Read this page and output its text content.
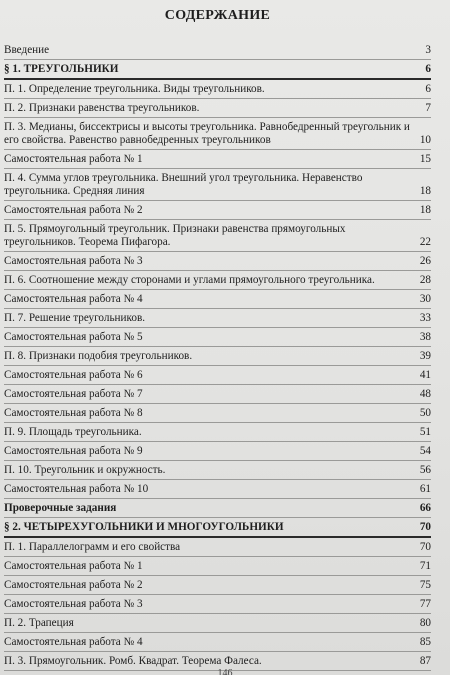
СОДЕРЖАНИЕ
Введение	3
§ 1. ТРЕУГОЛЬНИКИ	6
П. 1. Определение треугольника. Виды треугольников.	6
П. 2. Признаки равенства треугольников.	7
П. 3. Медианы, биссектрисы и высоты треугольника. Равнобедренный треугольник и его свойства. Равенство равнобедренных треугольников	10
Самостоятельная работа № 1	15
П. 4. Сумма углов треугольника. Внешний угол треугольника. Неравенство треугольника. Средняя линия	18
Самостоятельная работа № 2	18
П. 5. Прямоугольный треугольник. Признаки равенства прямоугольных треугольников. Теорема Пифагора.	22
Самостоятельная работа № 3	26
П. 6. Соотношение между сторонами и углами прямоугольного треугольника.	28
Самостоятельная работа № 4	30
П. 7. Решение треугольников.	33
Самостоятельная работа № 5	38
П. 8. Признаки подобия треугольников.	39
Самостоятельная работа № 6	41
Самостоятельная работа № 7	48
Самостоятельная работа № 8	50
П. 9. Площадь треугольника.	51
Самостоятельная работа № 9	54
П. 10. Треугольник и окружность.	56
Самостоятельная работа № 10	61
Проверочные задания	66
§ 2. ЧЕТЫРЕХУГОЛЬНИКИ И МНОГОУГОЛЬНИКИ	70
П. 1. Параллелограмм и его свойства	70
Самостоятельная работа № 1	71
Самостоятельная работа № 2	75
Самостоятельная работа № 3	77
П. 2. Трапеция	80
Самостоятельная работа № 4	85
П. 3. Прямоугольник. Ромб. Квадрат. Теорема Фалеса.	87
146
